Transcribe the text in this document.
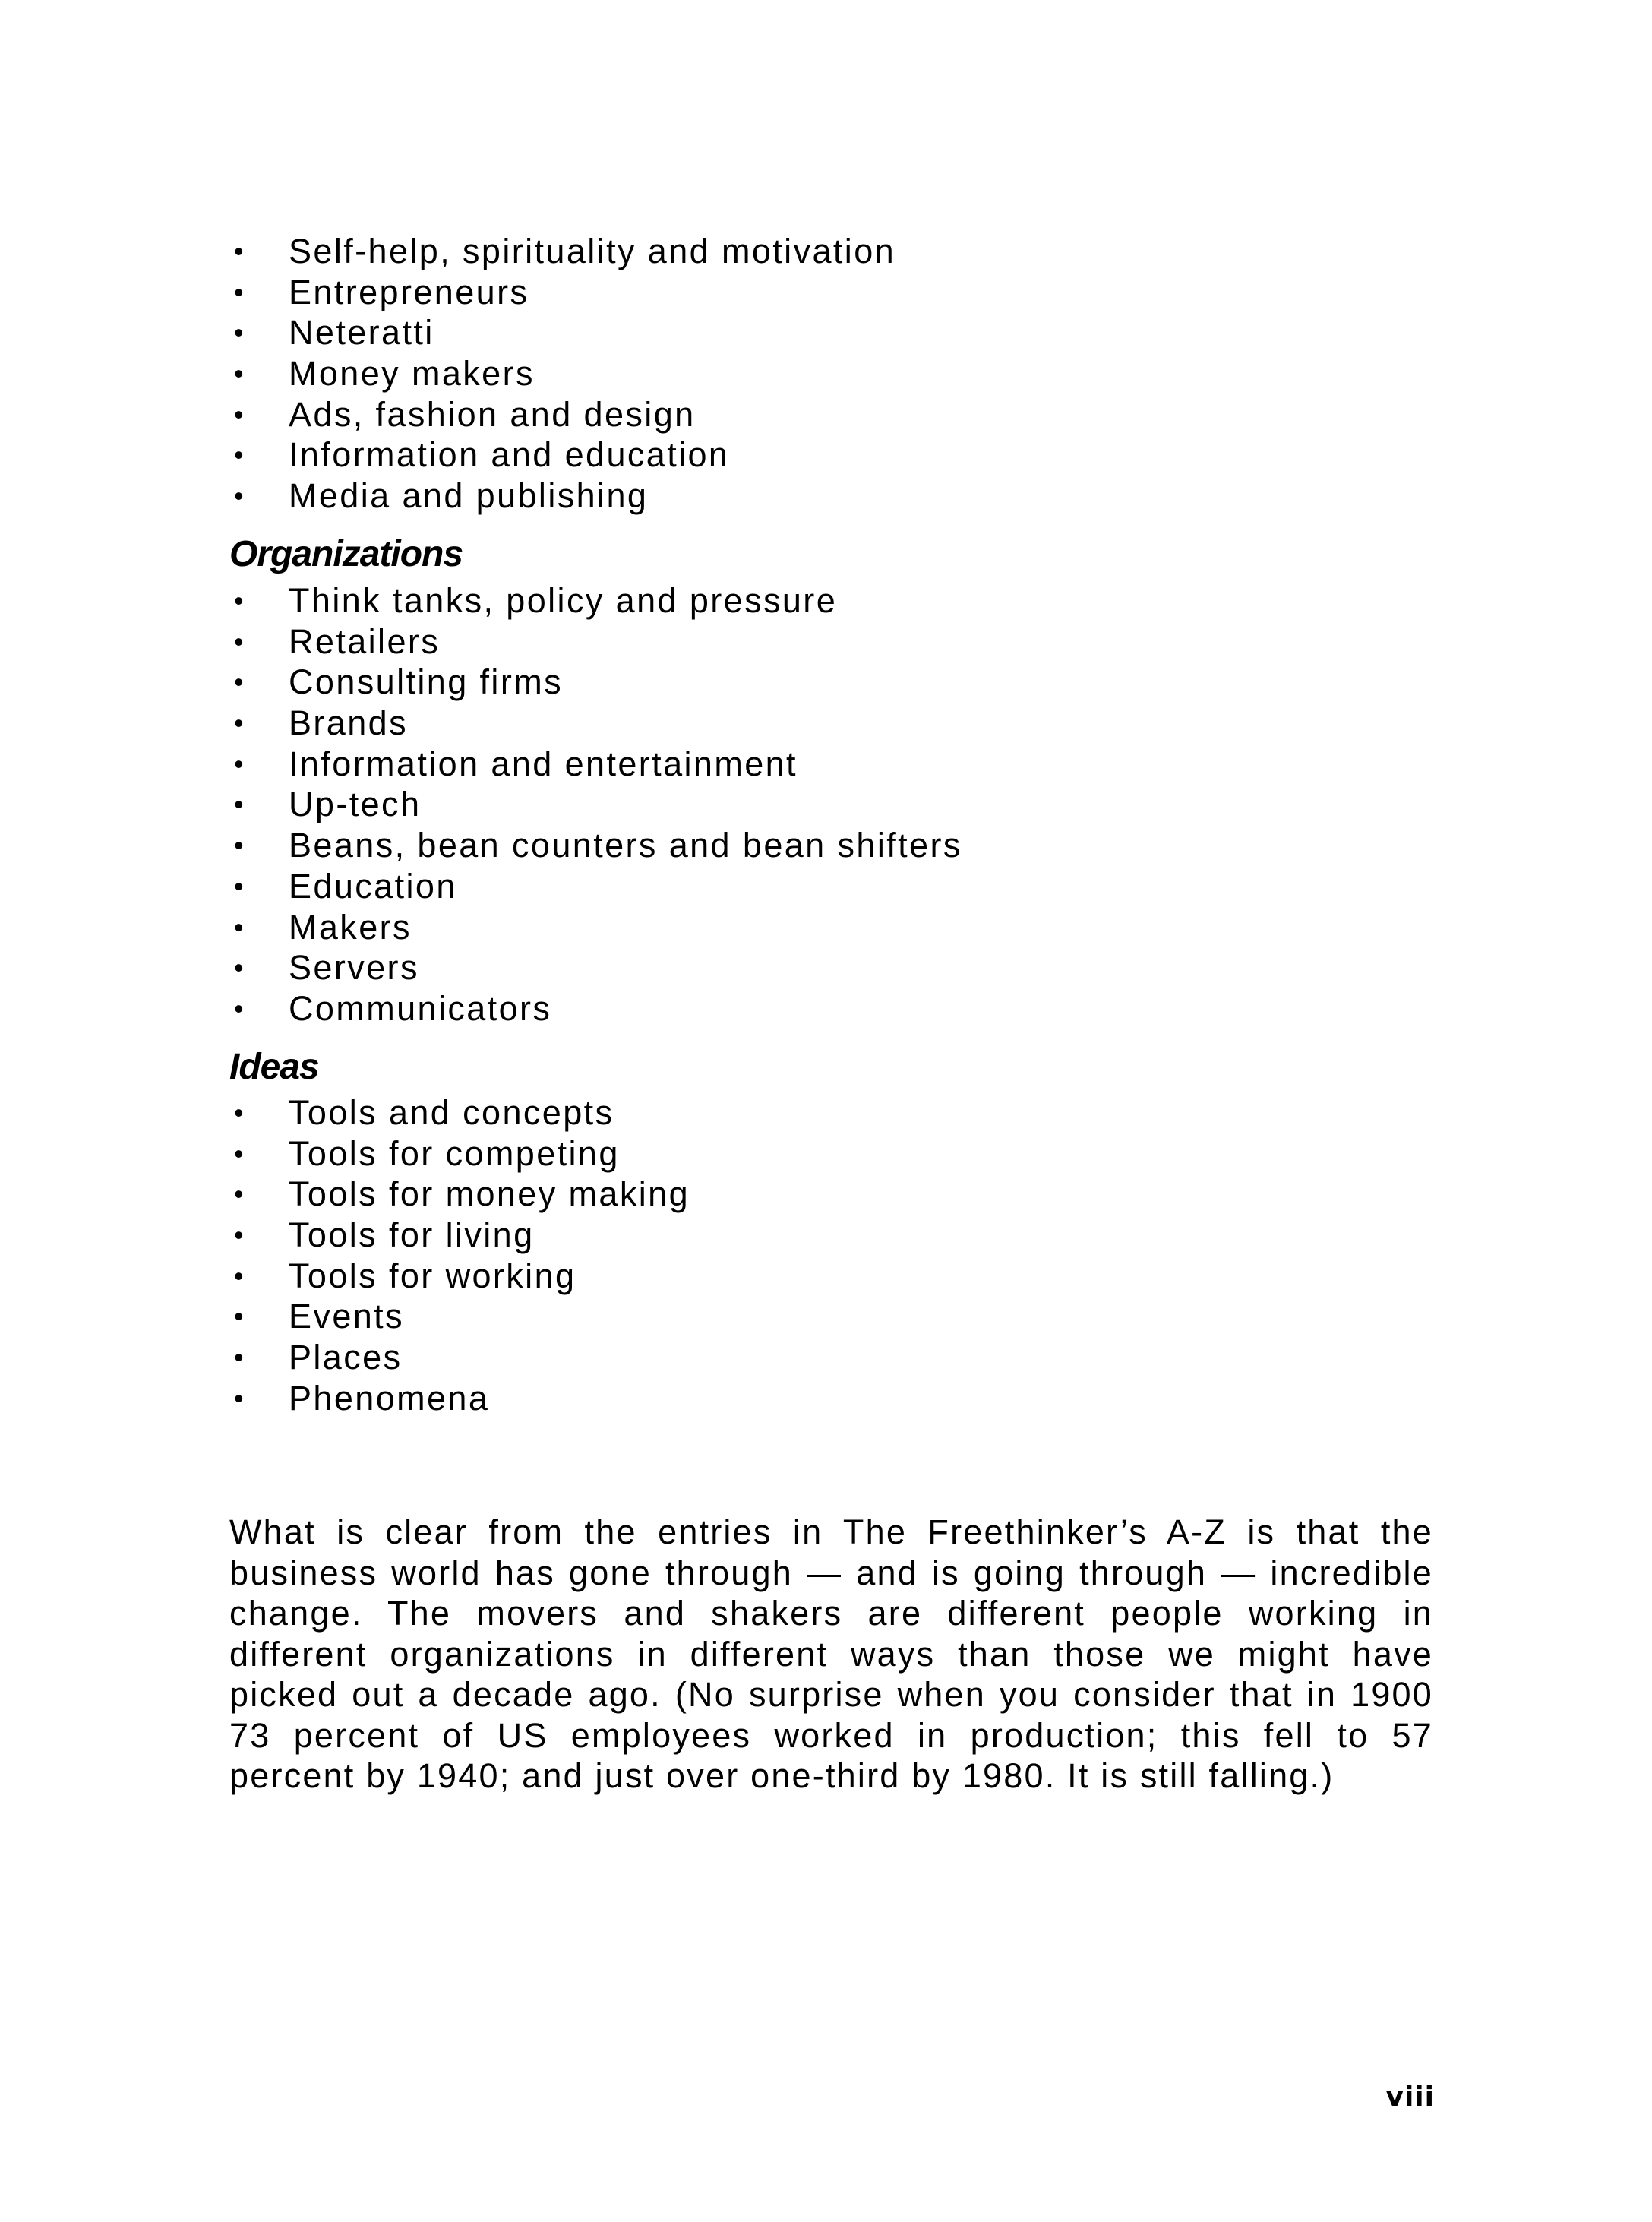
• Self-help, spirituality and motivation
• Entrepreneurs
• Neteratti
• Money makers
• Ads, fashion and design
• Information and education
• Media and publishing
Organizations
• Think tanks, policy and pressure
• Retailers
• Consulting firms
• Brands
• Information and entertainment
• Up-tech
• Beans, bean counters and bean shifters
• Education
• Makers
• Servers
• Communicators
Ideas
• Tools and concepts
• Tools for competing
• Tools for money making
• Tools for living
• Tools for working
• Events
• Places
• Phenomena

What is clear from the entries in The Freethinker’s A-Z is that the business world has gone through — and is going through — incredible change. The movers and shakers are different people working in different organizations in different ways than those we might have picked out a decade ago. (No surprise when you consider that in 1900 73 percent of US employees worked in production; this fell to 57 percent by 1940; and just over one-third by 1980. It is still falling.)

viii
